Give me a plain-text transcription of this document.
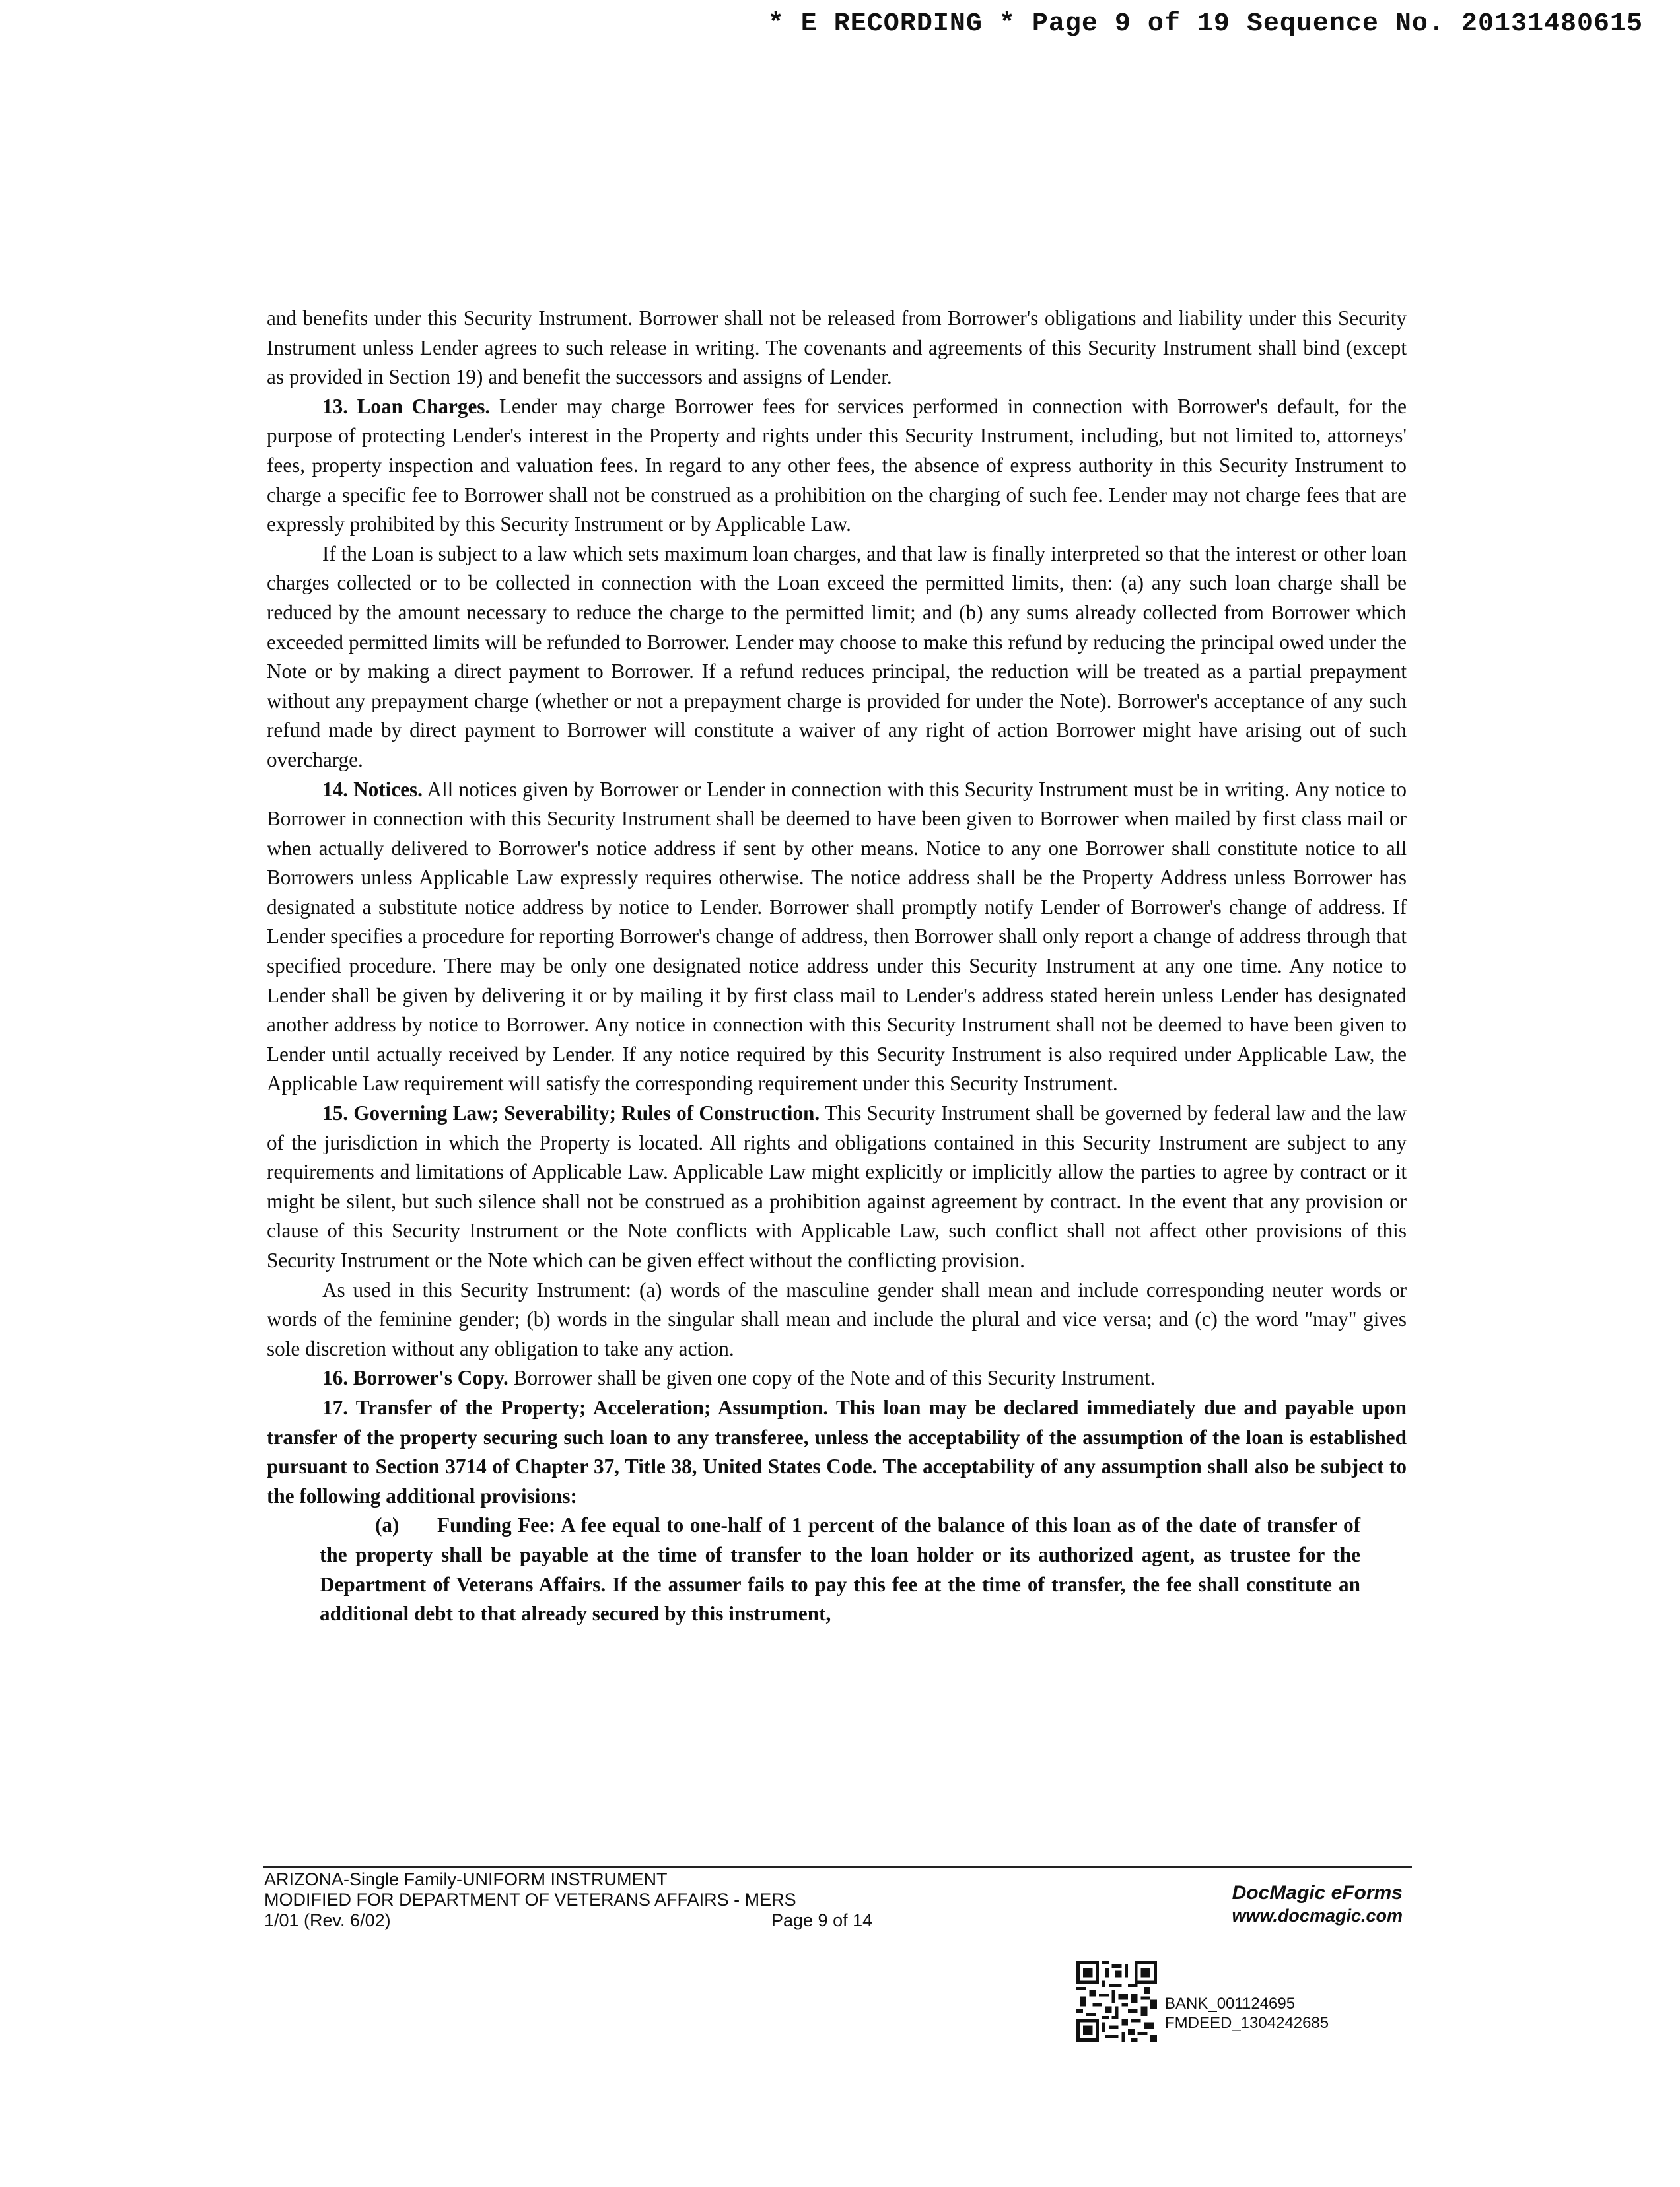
* E RECORDING * Page 9 of 19 Sequence No. 20131480615

and benefits under this Security Instrument. Borrower shall not be released from Borrower's obligations and liability under this Security Instrument unless Lender agrees to such release in writing. The covenants and agreements of this Security Instrument shall bind (except as provided in Section 19) and benefit the successors and assigns of Lender.

13. Loan Charges. Lender may charge Borrower fees for services performed in connection with Borrower's default, for the purpose of protecting Lender's interest in the Property and rights under this Security Instrument, including, but not limited to, attorneys' fees, property inspection and valuation fees. In regard to any other fees, the absence of express authority in this Security Instrument to charge a specific fee to Borrower shall not be construed as a prohibition on the charging of such fee. Lender may not charge fees that are expressly prohibited by this Security Instrument or by Applicable Law.

If the Loan is subject to a law which sets maximum loan charges, and that law is finally interpreted so that the interest or other loan charges collected or to be collected in connection with the Loan exceed the permitted limits, then: (a) any such loan charge shall be reduced by the amount necessary to reduce the charge to the permitted limit; and (b) any sums already collected from Borrower which exceeded permitted limits will be refunded to Borrower. Lender may choose to make this refund by reducing the principal owed under the Note or by making a direct payment to Borrower. If a refund reduces principal, the reduction will be treated as a partial prepayment without any prepayment charge (whether or not a prepayment charge is provided for under the Note). Borrower's acceptance of any such refund made by direct payment to Borrower will constitute a waiver of any right of action Borrower might have arising out of such overcharge.

14. Notices. All notices given by Borrower or Lender in connection with this Security Instrument must be in writing. Any notice to Borrower in connection with this Security Instrument shall be deemed to have been given to Borrower when mailed by first class mail or when actually delivered to Borrower's notice address if sent by other means. Notice to any one Borrower shall constitute notice to all Borrowers unless Applicable Law expressly requires otherwise. The notice address shall be the Property Address unless Borrower has designated a substitute notice address by notice to Lender. Borrower shall promptly notify Lender of Borrower's change of address. If Lender specifies a procedure for reporting Borrower's change of address, then Borrower shall only report a change of address through that specified procedure. There may be only one designated notice address under this Security Instrument at any one time. Any notice to Lender shall be given by delivering it or by mailing it by first class mail to Lender's address stated herein unless Lender has designated another address by notice to Borrower. Any notice in connection with this Security Instrument shall not be deemed to have been given to Lender until actually received by Lender. If any notice required by this Security Instrument is also required under Applicable Law, the Applicable Law requirement will satisfy the corresponding requirement under this Security Instrument.

15. Governing Law; Severability; Rules of Construction. This Security Instrument shall be governed by federal law and the law of the jurisdiction in which the Property is located. All rights and obligations contained in this Security Instrument are subject to any requirements and limitations of Applicable Law. Applicable Law might explicitly or implicitly allow the parties to agree by contract or it might be silent, but such silence shall not be construed as a prohibition against agreement by contract. In the event that any provision or clause of this Security Instrument or the Note conflicts with Applicable Law, such conflict shall not affect other provisions of this Security Instrument or the Note which can be given effect without the conflicting provision.

As used in this Security Instrument: (a) words of the masculine gender shall mean and include corresponding neuter words or words of the feminine gender; (b) words in the singular shall mean and include the plural and vice versa; and (c) the word "may" gives sole discretion without any obligation to take any action.

16. Borrower's Copy. Borrower shall be given one copy of the Note and of this Security Instrument.

17. Transfer of the Property; Acceleration; Assumption. This loan may be declared immediately due and payable upon transfer of the property securing such loan to any transferee, unless the acceptability of the assumption of the loan is established pursuant to Section 3714 of Chapter 37, Title 38, United States Code. The acceptability of any assumption shall also be subject to the following additional provisions:

(a) Funding Fee: A fee equal to one-half of 1 percent of the balance of this loan as of the date of transfer of the property shall be payable at the time of transfer to the loan holder or its authorized agent, as trustee for the Department of Veterans Affairs. If the assumer fails to pay this fee at the time of transfer, the fee shall constitute an additional debt to that already secured by this instrument,

ARIZONA-Single Family-UNIFORM INSTRUMENT
MODIFIED FOR DEPARTMENT OF VETERANS AFFAIRS - MERS
1/01 (Rev. 6/02)	Page 9 of 14
DocMagic eForms
www.docmagic.com
BANK_001124695
FMDEED_1304242685
